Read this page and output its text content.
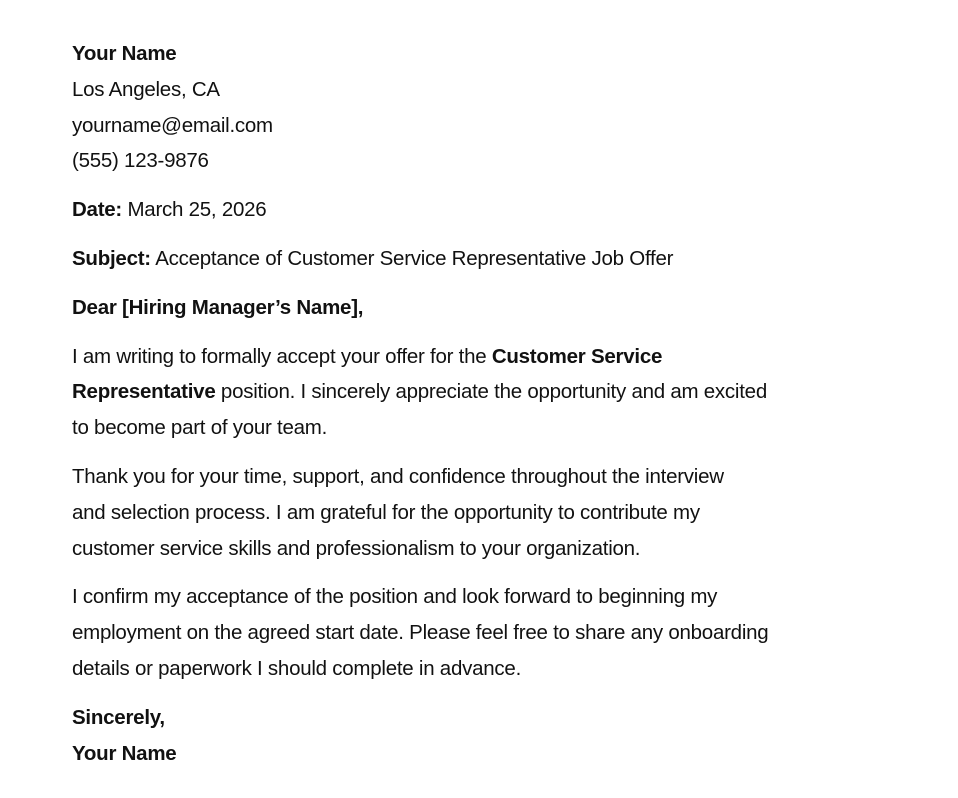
Your Name
Los Angeles, CA
yourname@email.com
(555) 123-9876
Date: March 25, 2026
Subject: Acceptance of Customer Service Representative Job Offer
Dear [Hiring Manager’s Name],
I am writing to formally accept your offer for the Customer Service
Representative position. I sincerely appreciate the opportunity and am excited
to become part of your team.
Thank you for your time, support, and confidence throughout the interview
and selection process. I am grateful for the opportunity to contribute my
customer service skills and professionalism to your organization.
I confirm my acceptance of the position and look forward to beginning my
employment on the agreed start date. Please feel free to share any onboarding
details or paperwork I should complete in advance.
Sincerely,
Your Name
